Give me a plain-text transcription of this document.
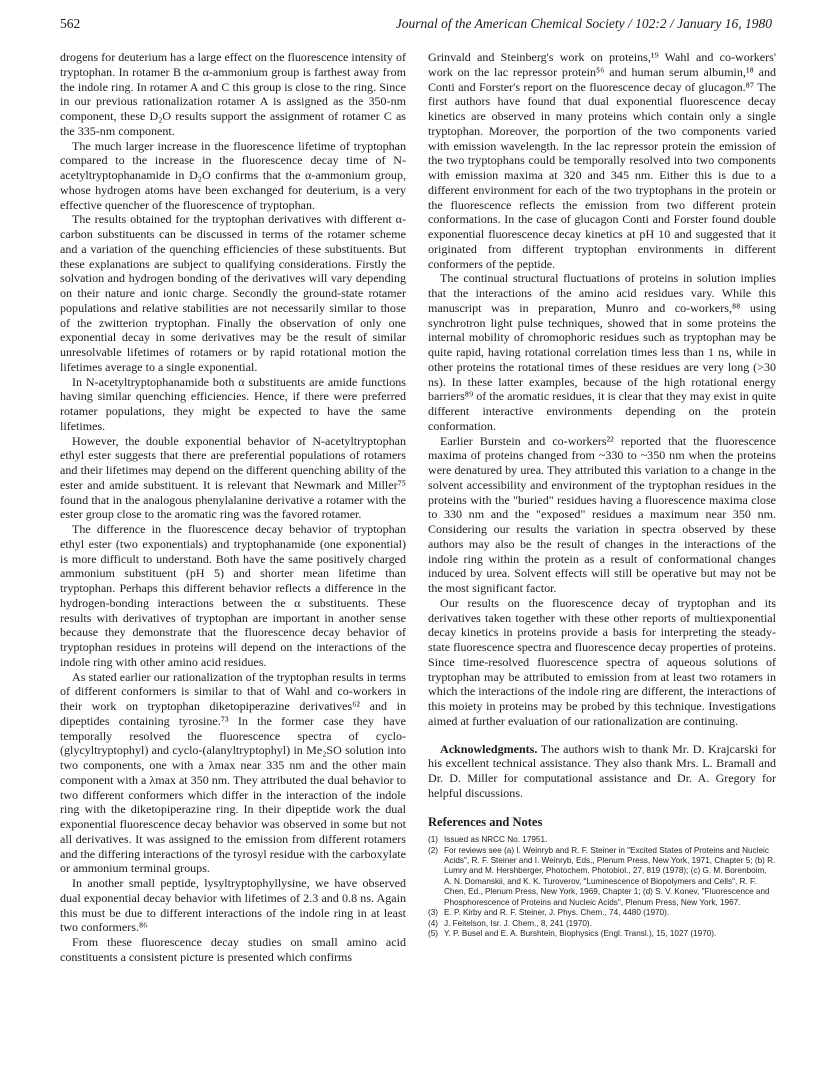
562	Journal of the American Chemical Society / 102:2 / January 16, 1980

drogens for deuterium has a large effect on the fluorescence intensity of tryptophan. In rotamer B the α-ammonium group is farthest away from the indole ring. In rotamer A and C this group is close to the ring. Since in our previous rationalization rotamer A is assigned as the 350-nm component, these D₂O results support the assignment of rotamer C as the 335-nm component.

The much larger increase in the fluorescence lifetime of tryptophan compared to the increase in the fluorescence decay time of N-acetyltryptophanamide in D₂O confirms that the α-ammonium group, whose hydrogen atoms have been exchanged for deuterium, is a very effective quencher of the fluorescence of tryptophan.

The results obtained for the tryptophan derivatives with different α-carbon substituents can be discussed in terms of the rotamer scheme and a variation of the quenching efficiencies of these substituents. But these explanations are subject to qualifying considerations. Firstly the solvation and hydrogen bonding of the derivatives will vary depending on their nature and ionic charge. Secondly the ground-state rotamer populations and relative stabilities are not necessarily similar to those of the zwitterion tryptophan. Finally the observation of only one exponential decay in some derivatives may be the result of similar unresolvable lifetimes of rotamers or by rapid rotational motion the lifetimes average to a single exponential.

In N-acetyltryptophanamide both α substituents are amide functions having similar quenching efficiencies. Hence, if there were preferred rotamer populations, they might be expected to have the same lifetimes.

However, the double exponential behavior of N-acetyltryptophan ethyl ester suggests that there are preferential populations of rotamers and their lifetimes may depend on the different quenching ability of the ester and amide substituent. It is relevant that Newmark and Miller⁷⁵ found that in the analogous phenylalanine derivative a rotamer with the ester group close to the aromatic ring was the favored rotamer.

The difference in the fluorescence decay behavior of tryptophan ethyl ester (two exponentials) and tryptophanamide (one exponential) is more difficult to understand. Both have the same positively charged ammonium substituent (pH 5) and shorter mean lifetime than tryptophan. Perhaps this different behavior reflects a difference in the hydrogen-bonding interactions between the α substituents. These results with derivatives of tryptophan are important in another sense because they demonstrate that the fluorescence decay behavior of tryptophan residues in proteins will depend on the interactions of the indole ring with other amino acid residues.

As stated earlier our rationalization of the tryptophan results in terms of different conformers is similar to that of Wahl and co-workers in their work on tryptophan diketopiperazine derivatives⁶² and in dipeptides containing tyrosine.⁷³ In the former case they have temporally resolved the fluorescence spectra of cyclo-(glycyltryptophyl) and cyclo-(alanyltryptophyl) in Me₂SO solution into two components, one with a λmax near 335 nm and the other main component with a λmax at 350 nm. They attributed the dual behavior to two different conformers which differ in the interaction of the indole ring with the diketopiperazine ring. In their dipeptide work the dual exponential fluorescence decay behavior was observed in some but not all derivatives. It was assigned to the emission from different rotamers and the differing interactions of the tyrosyl residue with the carboxylate or ammonium terminal groups.

In another small peptide, lysyltryptophyllysine, we have observed dual exponential decay behavior with lifetimes of 2.3 and 0.8 ns. Again this must be due to different interactions of the indole ring in at least two conformers.⁸⁶

From these fluorescence decay studies on small amino acid constituents a consistent picture is presented which confirms

Grinvald and Steinberg's work on proteins,¹⁹ Wahl and co-workers' work on the lac repressor protein⁵⁶ and human serum albumin,¹⁸ and Conti and Forster's report on the fluorescence decay of glucagon.⁸⁷ The first authors have found that dual exponential fluorescence decay kinetics are observed in many proteins which contain only a single tryptophan. Moreover, the porportion of the two components varied with emission wavelength. In the lac repressor protein the emission of the two tryptophans could be temporally resolved into two components with emission maxima at 320 and 345 nm. Either this is due to a different environment for each of the two tryptophans in the protein or the fluorescence reflects the emission from two different protein conformations. In the case of glucagon Conti and Forster found double exponential fluorescence decay kinetics at pH 10 and suggested that it originated from different tryptophan environments in different conformers of the peptide.

The continual structural fluctuations of proteins in solution implies that the interactions of the amino acid residues vary. While this manuscript was in preparation, Munro and co-workers,⁸⁸ using synchrotron light pulse techniques, showed that in some proteins the internal mobility of chromophoric residues such as tryptophan may be quite rapid, having rotational correlation times less than 1 ns, while in other proteins the rotational times of these residues are very long (>30 ns). In these latter examples, because of the high rotational energy barriers⁸⁹ of the aromatic residues, it is clear that they may exist in quite different interactive environments depending on the protein conformation.

Earlier Burstein and co-workers²² reported that the fluorescence maxima of proteins changed from ~330 to ~350 nm when the proteins were denatured by urea. They attributed this variation to a change in the solvent accessibility and environment of the tryptophan residues in the proteins with the "buried" residues having a fluorescence maxima close to 330 nm and the "exposed" residues a maximum near 350 nm. Considering our results the variation in spectra observed by these authors may also be the result of changes in the interactions of the indole ring within the protein as a result of conformational changes induced by urea. Solvent effects will still be operative but may not be the most significant factor.

Our results on the fluorescence decay of tryptophan and its derivatives taken together with these other reports of multiexponential decay kinetics in proteins provide a basis for interpreting the steady-state fluorescence spectra and fluorescence decay properties of proteins. Since time-resolved fluorescence spectra of aqueous solutions of tryptophan may be attributed to emission from at least two rotamers in which the interactions of the indole ring are different, the interactions of this moiety in proteins may be probed by this technique. Investigations aimed at further evaluation of our rationalization are continuing.

Acknowledgments. The authors wish to thank Mr. D. Krajcarski for his excellent technical assistance. They also thank Mrs. L. Bramall and Dr. D. Miller for computational assistance and Dr. A. Gregory for helpful discussions.

References and Notes
(1) Issued as NRCC No. 17951.
(2) For reviews see (a) I. Weinryb and R. F. Steiner in "Excited States of Proteins and Nucleic Acids", R. F. Steiner and I. Weinryb, Eds., Plenum Press, New York, 1971, Chapter 5; (b) R. Lumry and M. Hershberger, Photochem. Photobiol., 27, 819 (1978); (c) G. M. Borenboim, A. N. Domanskii, and K. K. Turoverov, "Luminescence of Biopolymers and Cells", R. F. Chen, Ed., Plenum Press, New York, 1969, Chapter 1; (d) S. V. Konev, "Fluorescence and Phosphorescence of Proteins and Nucleic Acids", Plenum Press, New York, 1967.
(3) E. P. Kirby and R. F. Steiner, J. Phys. Chem., 74, 4480 (1970).
(4) J. Feitelson, Isr. J. Chem., 8, 241 (1970).
(5) Y. P. Busel and E. A. Burshtein, Biophysics (Engl. Transl.), 15, 1027 (1970).
